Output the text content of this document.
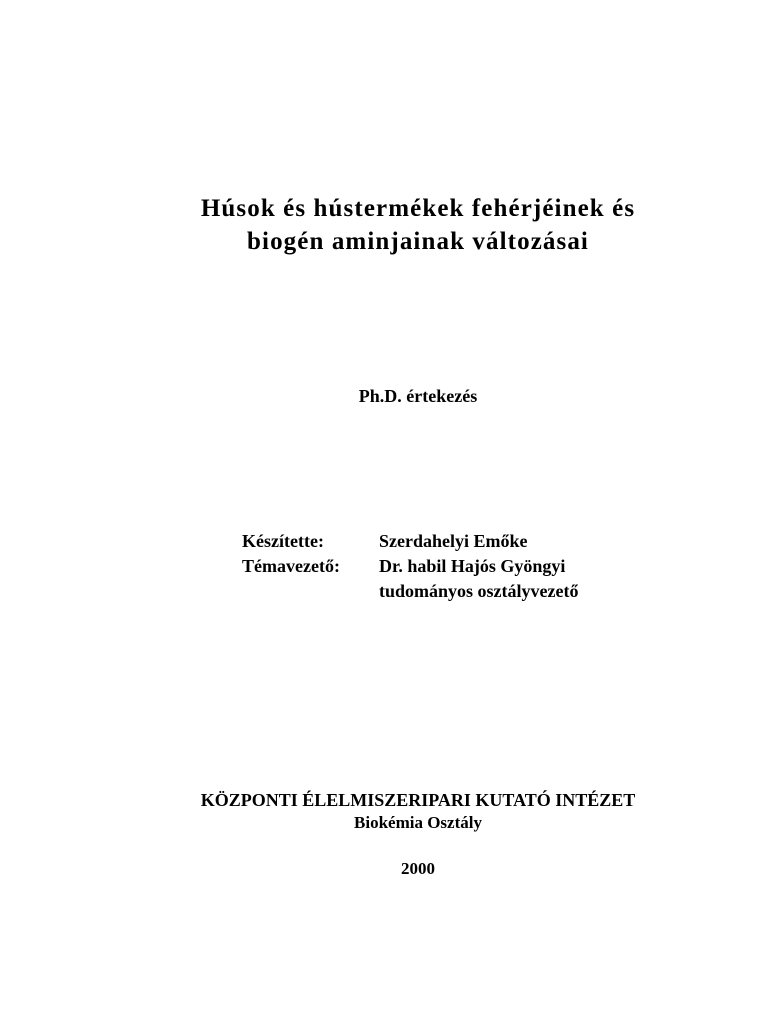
Húsok és hústermékek fehérjéinek és
biogén aminjainak változásai
Ph.D. értekezés
Készítette:	Szerdahelyi Emőke
Témavezető:	Dr. habil Hajós Gyöngyi
tudományos osztályvezető
KÖZPONTI ÉLELMISZERIPARI KUTATÓ INTÉZET
Biokémia Osztály
2000
